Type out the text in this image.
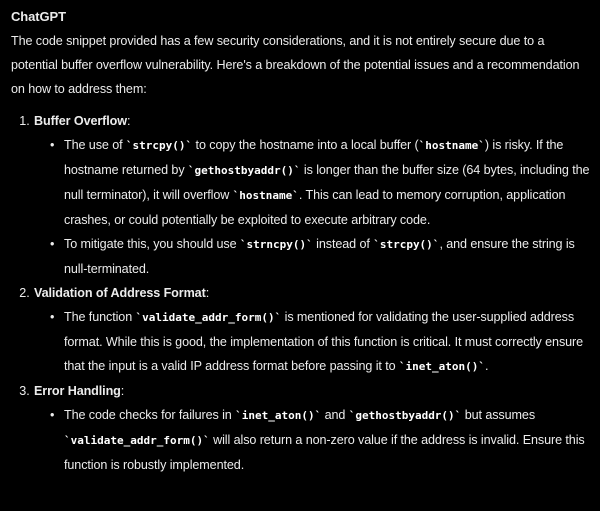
ChatGPT
The code snippet provided has a few security considerations, and it is not entirely secure due to a potential buffer overflow vulnerability. Here's a breakdown of the potential issues and a recommendation on how to address them:
1. Buffer Overflow:
• The use of `strcpy()` to copy the hostname into a local buffer (`hostname`) is risky. If the hostname returned by `gethostbyaddr()` is longer than the buffer size (64 bytes, including the null terminator), it will overflow `hostname`. This can lead to memory corruption, application crashes, or could potentially be exploited to execute arbitrary code.
• To mitigate this, you should use `strncpy()` instead of `strcpy()`, and ensure the string is null-terminated.
2. Validation of Address Format:
• The function `validate_addr_form()` is mentioned for validating the user-supplied address format. While this is good, the implementation of this function is critical. It must correctly ensure that the input is a valid IP address format before passing it to `inet_aton()`.
3. Error Handling:
• The code checks for failures in `inet_aton()` and `gethostbyaddr()` but assumes `validate_addr_form()` will also return a non-zero value if the address is invalid. Ensure this function is robustly implemented.
